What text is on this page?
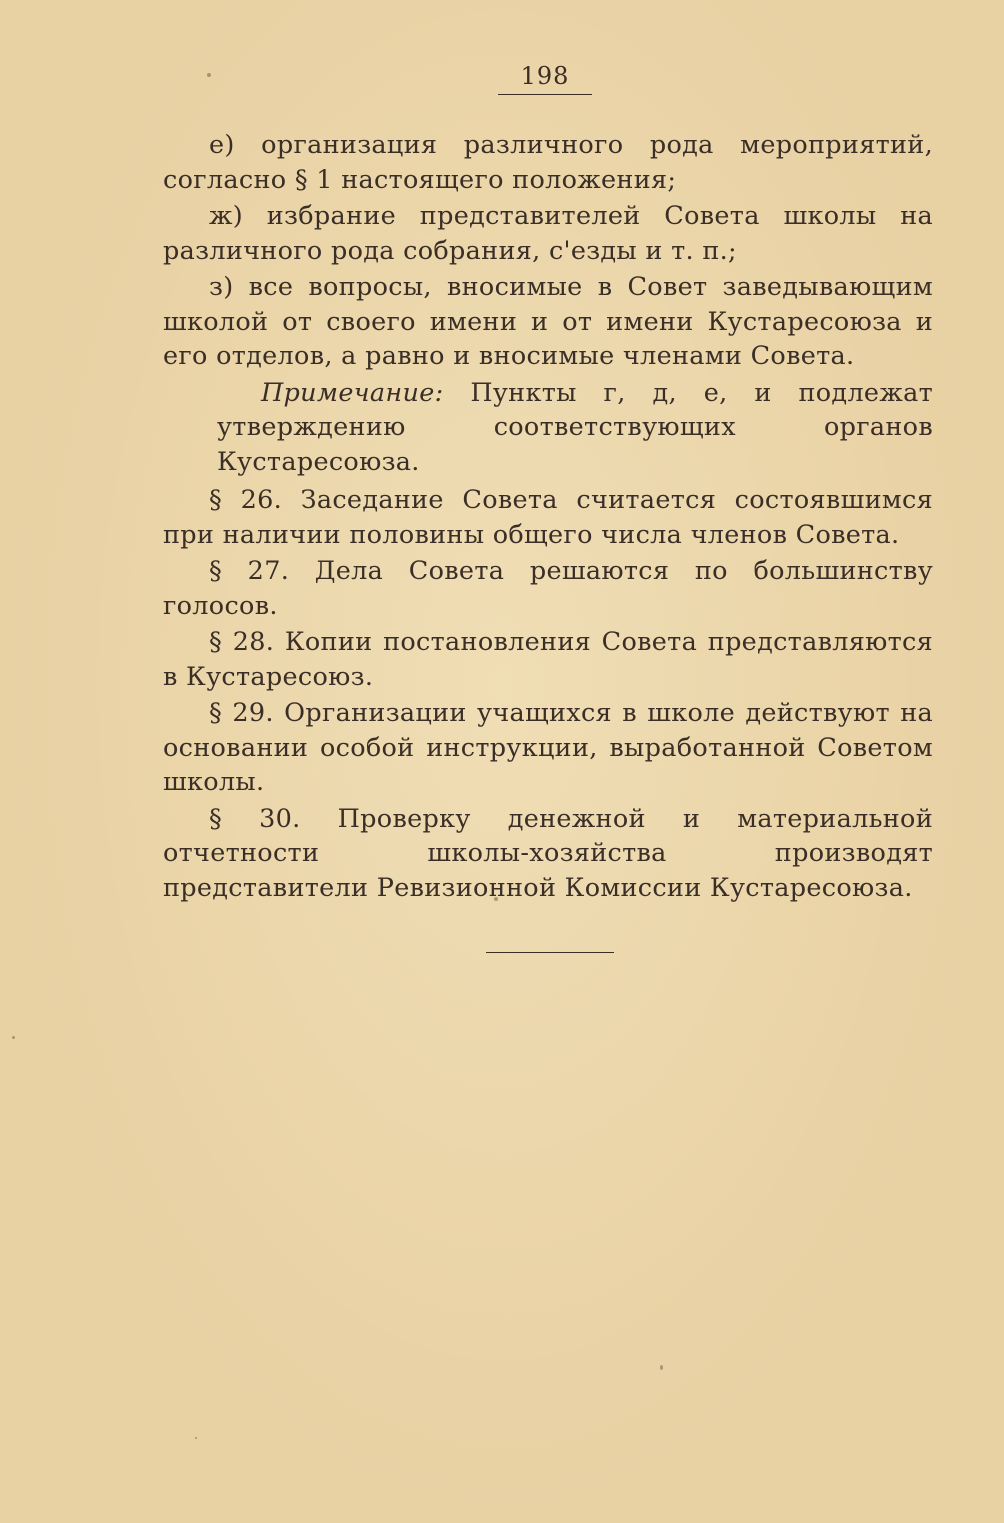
198

е) организация различного рода мероприятий, согласно § 1 настоящего положения;

ж) избрание представителей Совета школы на различного рода собрания, с'езды и т. п.;

з) все вопросы, вносимые в Совет заведывающим школой от своего имени и от имени Кустаресоюза и его отделов, а равно и вносимые членами Совета.

Примечание: Пункты г, д, е, и подлежат утверждению соответствующих органов Кустаресоюза.

§ 26. Заседание Совета считается состоявшимся при наличии половины общего числа членов Совета.

§ 27. Дела Совета решаются по большинству голосов.

§ 28. Копии постановления Совета представляются в Кустаресоюз.

§ 29. Организации учащихся в школе действуют на основании особой инструкции, выработанной Советом школы.

§ 30. Проверку денежной и материальной отчетности школы-хозяйства производят представители Ревизионной Комиссии Кустаресоюза.
